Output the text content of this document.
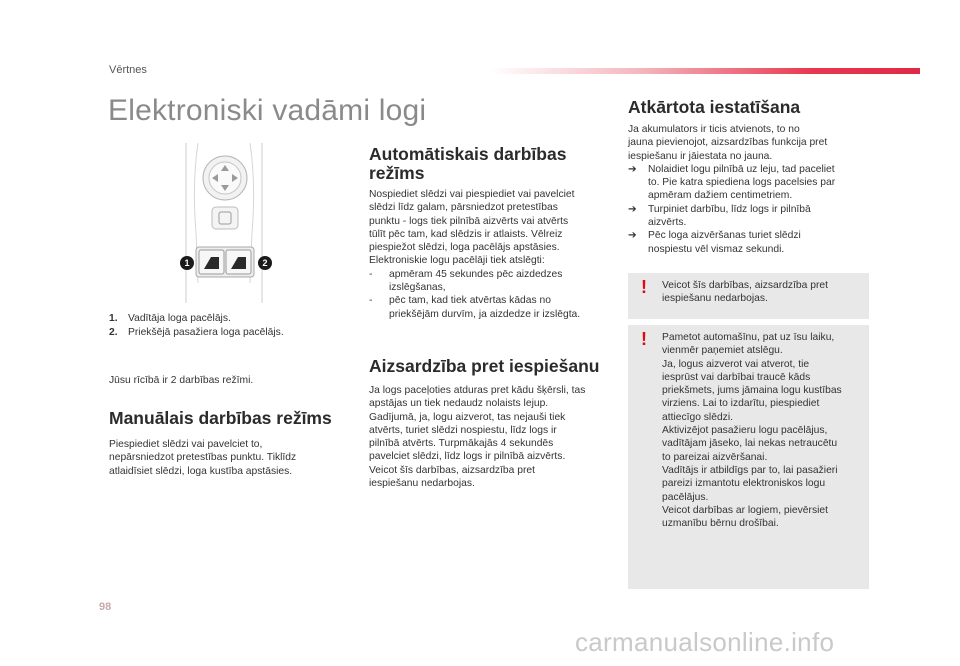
Vērtnes
Elektroniski vadāmi logi
1	2
1.	Vadītāja loga pacēlājs.
2.	Priekšējā pasažiera loga pacēlājs.
Jūsu rīcībā ir 2 darbības režīmi.
Manuālais darbības režīms
Piespiediet slēdzi vai pavelciet to,
nepārsniedzot pretestības punktu. Tiklīdz
atlaidīsiet slēdzi, loga kustība apstāsies.
Automātiskais darbības
režīms
Nospiediet slēdzi vai piespiediet vai pavelciet
slēdzi līdz galam, pārsniedzot pretestības
punktu - logs tiek pilnībā aizvērts vai atvērts
tūlīt pēc tam, kad slēdzis ir atlaists. Vēlreiz
piespiežot slēdzi, loga pacēlājs apstāsies.
Elektroniskie logu pacēlāji tiek atslēgti:
-	apmēram 45 sekundes pēc aizdedzes
izslēgšanas,
-	pēc tam, kad tiek atvērtas kādas no
priekšējām durvīm, ja aizdedze ir izslēgta.
Aizsardzība pret iespiešanu
Ja logs paceļoties atduras pret kādu šķērsli, tas
apstājas un tiek nedaudz nolaists lejup.
Gadījumā, ja, logu aizverot, tas nejauši tiek
atvērts, turiet slēdzi nospiestu, līdz logs ir
pilnībā atvērts. Turpmākajās 4 sekundēs
pavelciet slēdzi, līdz logs ir pilnībā aizvērts.
Veicot šīs darbības, aizsardzība pret
iespiešanu nedarbojas.
Atkārtota iestatīšana
Ja akumulators ir ticis atvienots, to no
jauna pievienojot, aizsardzības funkcija pret
iespiešanu ir jāiestata no jauna.
➔	Nolaidiet logu pilnībā uz leju, tad paceliet
to. Pie katra spiediena logs pacelsies par
apmēram dažiem centimetriem.
➔	Turpiniet darbību, līdz logs ir pilnībā
aizvērts.
➔	Pēc loga aizvēršanas turiet slēdzi
nospiestu vēl vismaz sekundi.
! Veicot šīs darbības, aizsardzība pret
iespiešanu nedarbojas.
! Pametot automašīnu, pat uz īsu laiku,
vienmēr paņemiet atslēgu.
Ja, logus aizverot vai atverot, tie
iesprūst vai darbībai traucē kāds
priekšmets, jums jāmaina logu kustības
virziens. Lai to izdarītu, piespiediet
attiecīgo slēdzi.
Aktivizējot pasažieru logu pacēlājus,
vadītājam jāseko, lai nekas netraucētu
to pareizai aizvēršanai.
Vadītājs ir atbildīgs par to, lai pasažieri
pareizi izmantotu elektroniskos logu
pacēlājus.
Veicot darbības ar logiem, pievērsiet
uzmanību bērnu drošībai.
98
carmanualsonline.info
